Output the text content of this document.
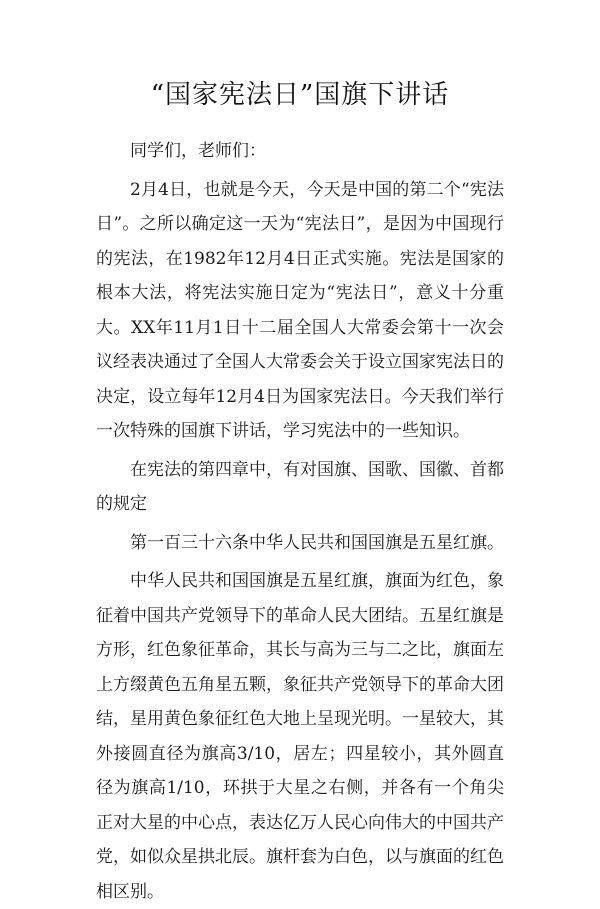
“国家宪法日”国旗下讲话

同学们，老师们：

2月4日，也就是今天，今天是中国的第二个“宪法日”。之所以确定这一天为“宪法日”，是因为中国现行的宪法，在1982年12月4日正式实施。宪法是国家的根本大法，将宪法实施日定为“宪法日”，意义十分重大。XX年11月1日十二届全国人大常委会第十一次会议经表决通过了全国人大常委会关于设立国家宪法日的决定，设立每年12月4日为国家宪法日。今天我们举行一次特殊的国旗下讲话，学习宪法中的一些知识。

在宪法的第四章中，有对国旗、国歌、国徽、首都的规定

第一百三十六条中华人民共和国国旗是五星红旗。

中华人民共和国国旗是五星红旗，旗面为红色，象征着中国共产党领导下的革命人民大团结。五星红旗是方形，红色象征革命，其长与高为三与二之比，旗面左上方缀黄色五角星五颗，象征共产党领导下的革命大团结，星用黄色象征红色大地上呈现光明。一星较大，其外接圆直径为旗高3/10，居左；四星较小，其外圆直径为旗高1/10，环拱于大星之右侧，并各有一个角尖正对大星的中心点，表达亿万人民心向伟大的中国共产党，如似众星拱北辰。旗杆套为白色，以与旗面的红色相区别。
